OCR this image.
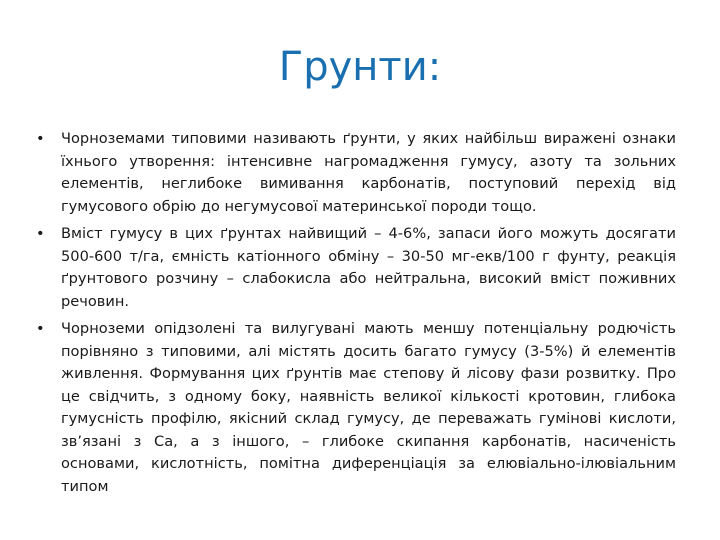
Грунти:
• Чорноземами типовими називають ґрунти, у яких найбільш виражені ознаки їхнього утворення: інтенсивне нагромадження гумусу, азоту та зольних елементів, неглибоке вимивання карбонатів, поступовий перехід від гумусового обрію до негумусової материнської породи тощо.
• Вміст гумусу в цих ґрунтах найвищий – 4-6%, запаси його можуть досягати 500-600 т/га, ємність катіонного обміну – 30-50 мг-екв/100 г фунту, реакція ґрунтового розчину – слабокисла або нейтральна, високий вміст поживних речовин.
• Чорноземи опідзолені та вилугувані мають меншу потенціальну родючість порівняно з типовими, алі містять досить багато гумусу (3-5%) й елементів живлення. Формування цих ґрунтів має степову й лісову фази розвитку. Про це свідчить, з одному боку, наявність великої кількості кротовин, глибока гумусність профілю, якісний склад гумусу, де переважать гумінові кислоти, зв’язані з Са, а з іншого, – глибоке скипання карбонатів, насиченість основами, кислотність, помітна диференціація за елювіально-ілювіальним типом
